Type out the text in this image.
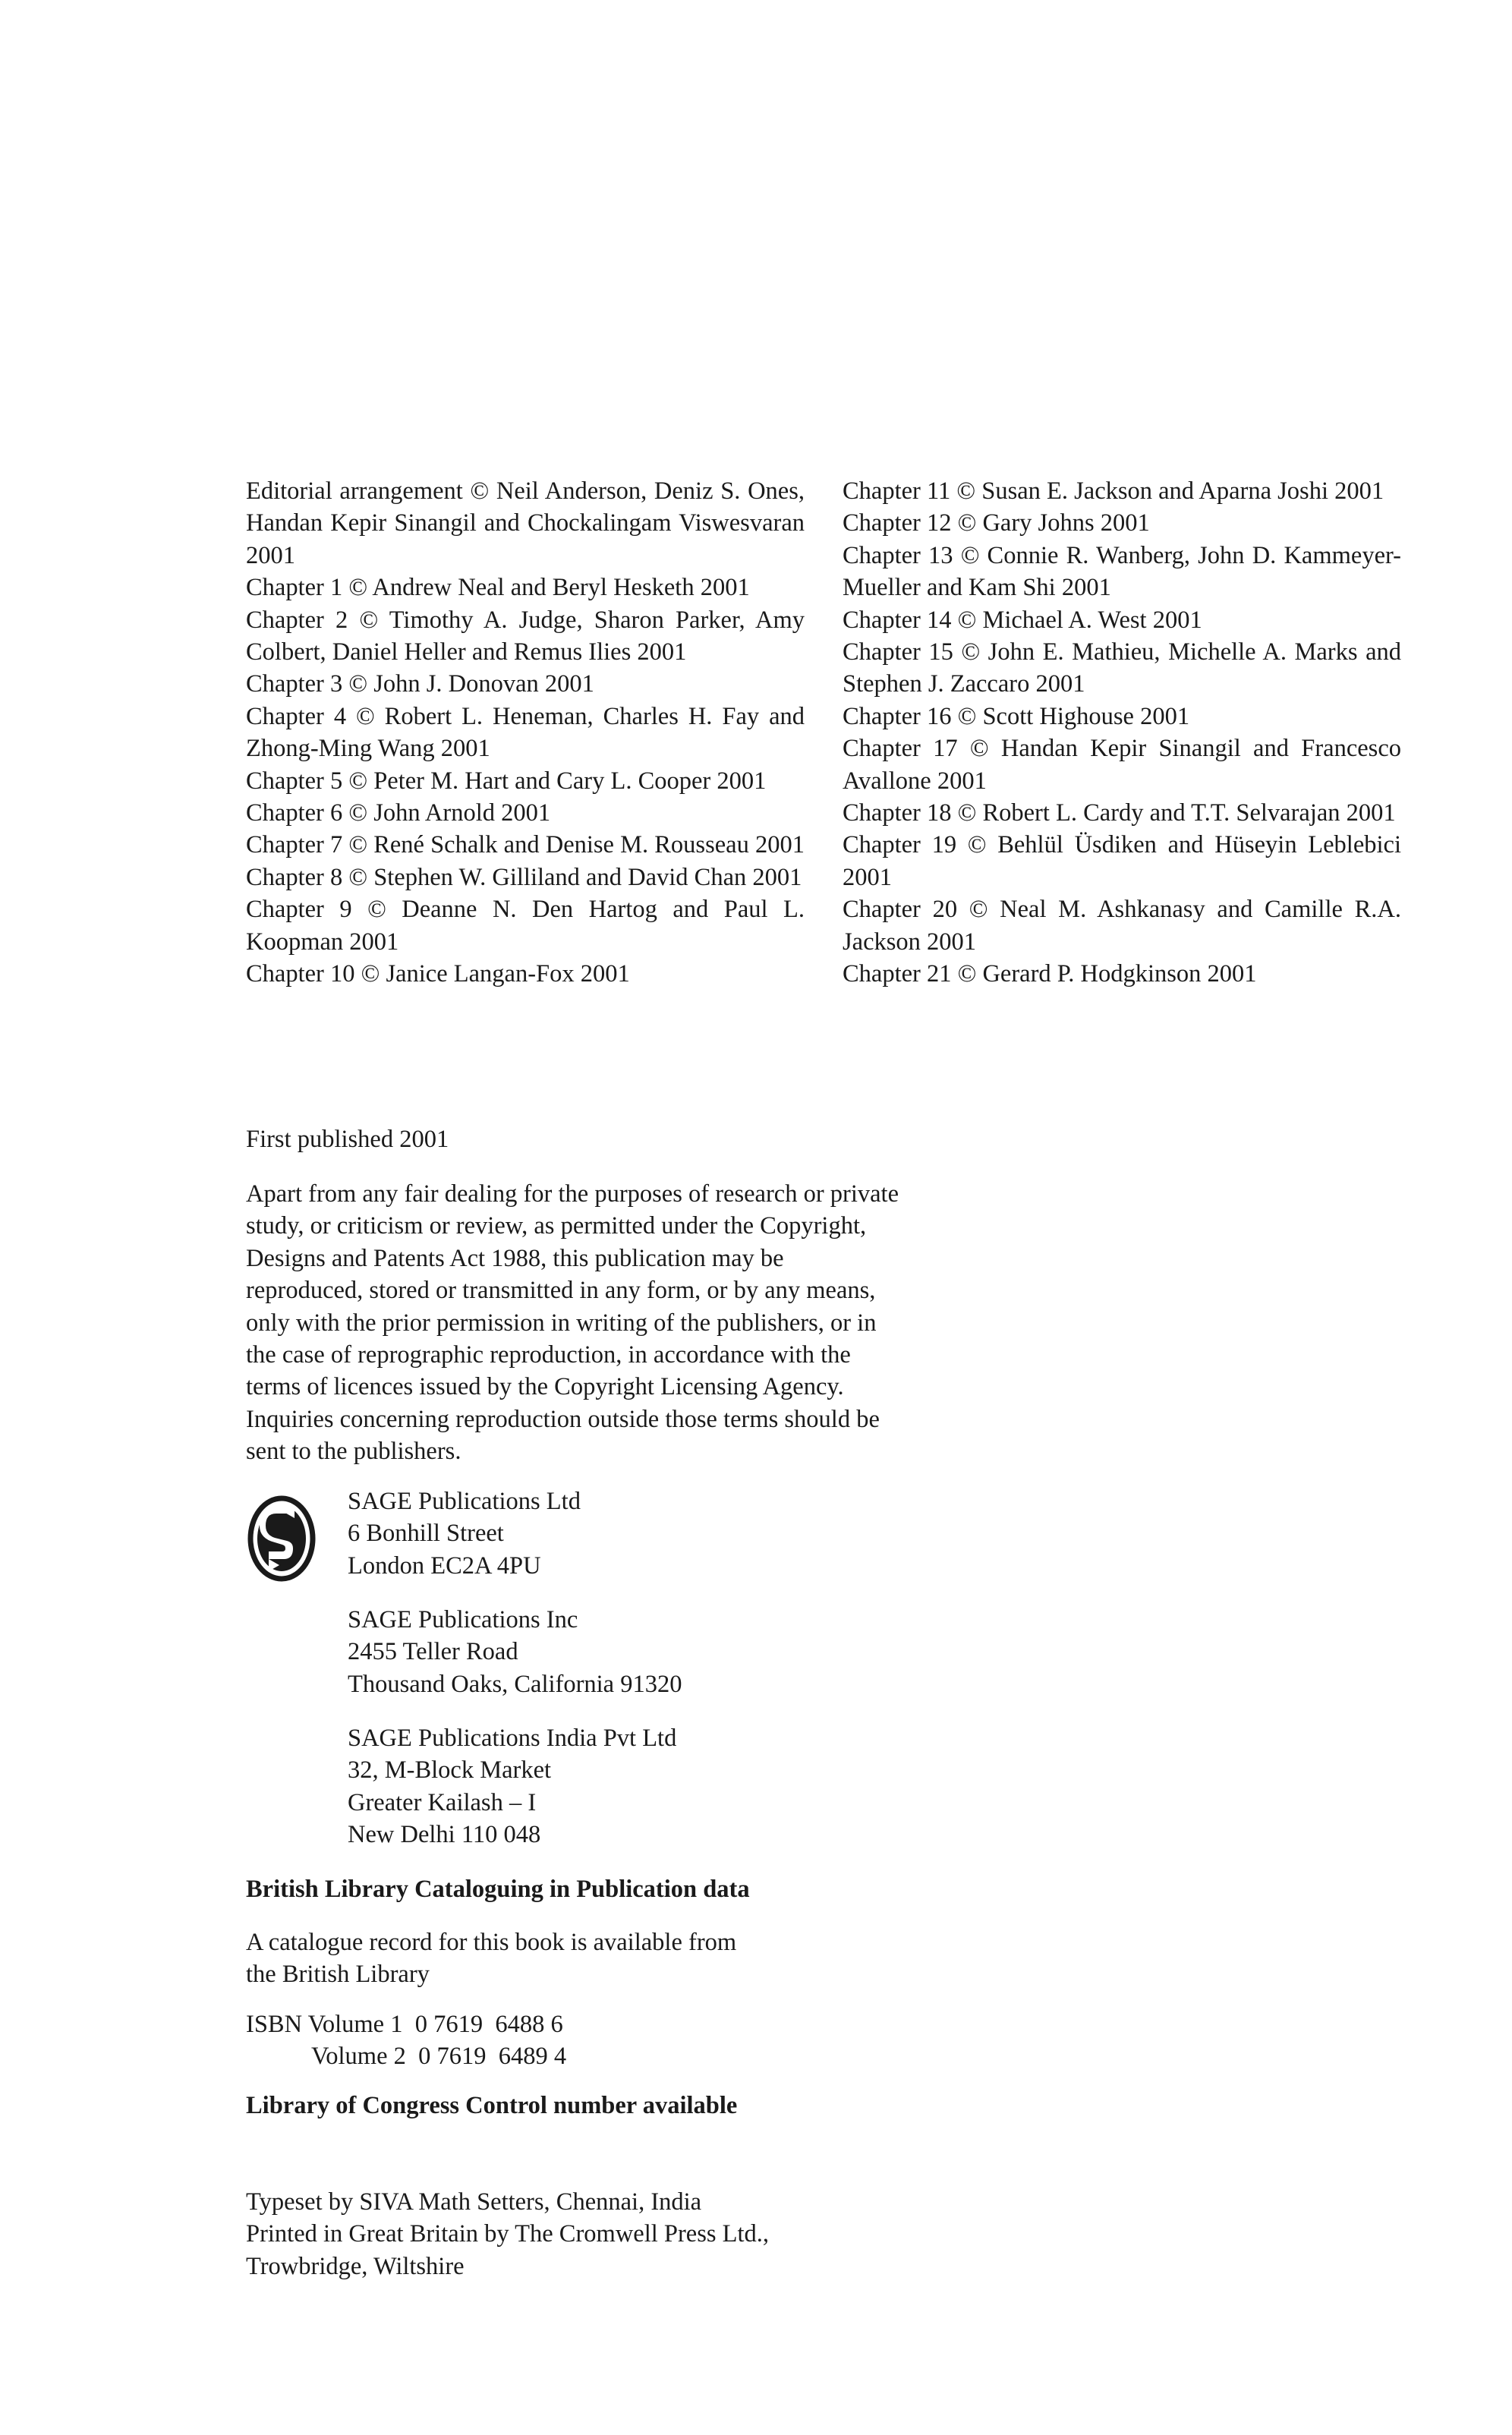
Editorial arrangement © Neil Anderson, Deniz S. Ones, Handan Kepir Sinangil and Chockalingam Viswesvaran 2001

Chapter 1 © Andrew Neal and Beryl Hesketh 2001

Chapter 2 © Timothy A. Judge, Sharon Parker, Amy Colbert, Daniel Heller and Remus Ilies 2001

Chapter 3 © John J. Donovan 2001

Chapter 4 © Robert L. Heneman, Charles H. Fay and Zhong-Ming Wang 2001

Chapter 5 © Peter M. Hart and Cary L. Cooper 2001

Chapter 6 © John Arnold 2001

Chapter 7 © René Schalk and Denise M. Rousseau 2001

Chapter 8 © Stephen W. Gilliland and David Chan 2001

Chapter 9 © Deanne N. Den Hartog and Paul L. Koopman 2001

Chapter 10 © Janice Langan-Fox 2001

Chapter 11 © Susan E. Jackson and Aparna Joshi 2001

Chapter 12 © Gary Johns 2001

Chapter 13 © Connie R. Wanberg, John D. Kammeyer-Mueller and Kam Shi 2001

Chapter 14 © Michael A. West 2001

Chapter 15 © John E. Mathieu, Michelle A. Marks and Stephen J. Zaccaro 2001

Chapter 16 © Scott Highouse 2001

Chapter 17 © Handan Kepir Sinangil and Francesco Avallone 2001

Chapter 18 © Robert L. Cardy and T.T. Selvarajan 2001

Chapter 19 © Behlül Üsdiken and Hüseyin Leblebici 2001

Chapter 20 © Neal M. Ashkanasy and Camille R.A. Jackson 2001

Chapter 21 © Gerard P. Hodgkinson 2001

First published 2001

Apart from any fair dealing for the purposes of research or private

study, or criticism or review, as permitted under the Copyright,

Designs and Patents Act 1988, this publication may be

reproduced, stored or transmitted in any form, or by any means,

only with the prior permission in writing of the publishers, or in

the case of reprographic reproduction, in accordance with the

terms of licences issued by the Copyright Licensing Agency.

Inquiries concerning reproduction outside those terms should be

sent to the publishers.

SAGE Publications Ltd

6 Bonhill Street

London EC2A 4PU

SAGE Publications Inc

2455 Teller Road

Thousand Oaks, California 91320

SAGE Publications India Pvt Ltd

32, M-Block Market

Greater Kailash – I

New Delhi 110 048

British Library Cataloguing in Publication data

A catalogue record for this book is available from

the British Library

ISBN Volume 1  0 7619  6488 6

Volume 2  0 7619  6489 4

Library of Congress Control number available

Typeset by SIVA Math Setters, Chennai, India

Printed in Great Britain by The Cromwell Press Ltd.,

Trowbridge, Wiltshire
